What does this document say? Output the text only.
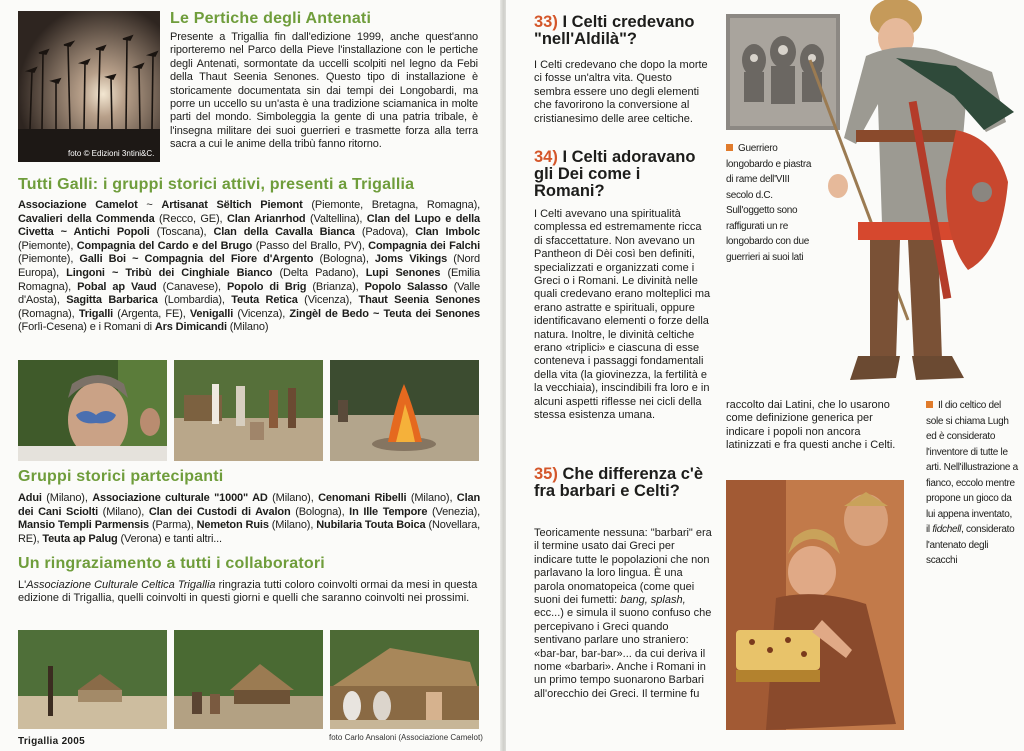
foto © Edizioni 3ntini&C.
Le Pertiche degli Antenati

Presente a Trigallia fin dall'edizione 1999, anche quest'anno riporteremo nel Parco della Pieve l'installazione con le pertiche degli Antenati, sormontate da uccelli scolpiti nel legno da Febi della Thaut Seenia Senones. Questo tipo di installazione è storicamente documentata sin dai tempi dei Longobardi, ma porre un uccello su un'asta è una tradizione sciamanica in molte parti del mondo. Simboleggia la gente di una patria tribale, è l'insegna militare dei suoi guerrieri e trasmette forza alla terra sacra a cui le anime della tribù fanno ritorno.

Tutti Galli: i gruppi storici attivi, presenti a Trigallia

Associazione Camelot ~ Artisanat Sëltich Piemont (Piemonte, Bretagna, Romagna), Cavalieri della Commenda (Recco, GE), Clan Arianrhod (Valtellina), Clan del Lupo e della Civetta ~ Antichi Popoli (Toscana), Clan della Cavalla Bianca (Padova), Clan Imbolc (Piemonte), Compagnia del Cardo e del Brugo (Passo del Brallo, PV), Compagnia dei Falchi (Piemonte), Galli Boi ~ Compagnia del Fiore d'Argento (Bologna), Joms Vikings (Nord Europa), Lingoni ~ Tribù dei Cinghiale Bianco (Delta Padano), Lupi Senones (Emilia Romagna), Pobal ap Vaud (Canavese), Popolo di Brig (Brianza), Popolo Salasso (Valle d'Aosta), Sagitta Barbarica (Lombardia), Teuta Retica (Vicenza), Thaut Seenia Senones (Romagna), Trigalli (Argenta, FE), Venigalli (Vicenza), Zingèl de Bedo ~ Teuta dei Senones (Forlì-Cesena) e i Romani di Ars Dimicandi (Milano)

Gruppi storici partecipanti

Adui (Milano), Associazione culturale "1000" AD (Milano), Cenomani Ribelli (Milano), Clan dei Cani Sciolti (Milano), Clan dei Custodi di Avalon (Bologna), In Ille Tempore (Venezia), Mansio Templi Parmensis (Parma), Nemeton Ruis (Milano), Nubilaria Touta Boica (Novellara, RE), Teuta ap Palug (Verona) e tanti altri...

Un ringraziamento a tutti i collaboratori

L'Associazione Culturale Celtica Trigallia ringrazia tutti coloro coinvolti ormai da mesi in questa edizione di Trigallia, quelli coinvolti in questi giorni e quelli che saranno coinvolti nei prossimi.

Trigallia 2005	foto Carlo Ansaloni (Associazione Camelot)
33) I Celti credevano "nell'Aldilà"?

I Celti credevano che dopo la morte ci fosse un'altra vita. Questo sembra essere uno degli elementi che favorirono la conversione al cristianesimo delle aree celtiche.

34) I Celti adoravano gli Dei come i Romani?

I Celti avevano una spiritualità complessa ed estremamente ricca di sfaccettature. Non avevano un Pantheon di Dèi così ben definiti, specializzati e organizzati come i Greci o i Romani. Le divinità nelle quali credevano erano molteplici ma erano astratte e spirituali, oppure identificavano elementi o forze della natura. Inoltre, le divinità celtiche erano «triplici» e ciascuna di esse conteneva i passaggi fondamentali della vita (la giovinezza, la fertilità e la vecchiaia), inscindibili fra loro e in alcuni aspetti riflesse nei cicli della stessa esistenza umana.

35) Che differenza c'è fra barbari e Celti?

Teoricamente nessuna: "barbari" era il termine usato dai Greci per indicare tutte le popolazioni che non parlavano la loro lingua. È una parola onomatopeica (come quei suoni dei fumetti: bang, splash, ecc...) e simula il suono confuso che percepivano i Greci quando sentivano parlare uno straniero: «bar-bar, bar-bar»... da cui deriva il nome «barbari». Anche i Romani in un primo tempo suonarono Barbari all'orecchio dei Greci. Il termine fu

Guerriero longobardo e piastra di rame dell'VIII secolo d.C. Sull'oggetto sono raffigurati un re longobardo con due guerrieri ai suoi lati

raccolto dai Latini, che lo usarono come definizione generica per indicare i popoli non ancora latinizzati e fra questi anche i Celti.

Il dio celtico del sole si chiama Lugh ed è considerato l'inventore di tutte le arti. Nell'illustrazione a fianco, eccolo mentre propone un gioco da lui appena inventato, il fidchell, considerato l'antenato degli scacchi
